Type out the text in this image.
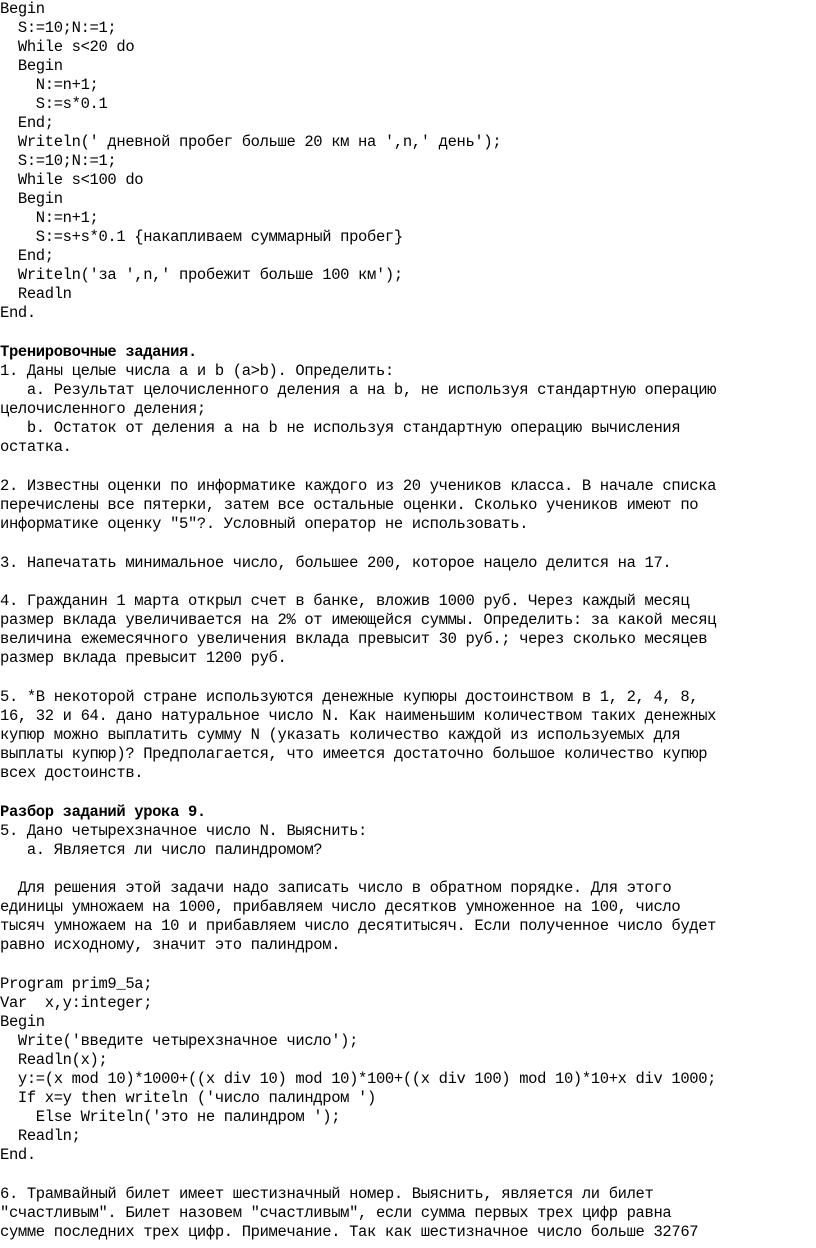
Begin
S:=10;N:=1;
While s<20 do
Begin
N:=n+1;
S:=s*0.1
End;
Writeln(' дневной пробег больше 20 км на ',n,' день');
S:=10;N:=1;
While s<100 do
Begin
N:=n+1;
S:=s+s*0.1 {накапливаем суммарный пробег}
End;
Writeln('за ',n,' пробежит больше 100 км');
Readln
End.
Тренировочные задания.
1. Даны целые числа a и b (a>b). Определить:
a. Результат целочисленного деления a на b, не используя стандартную операцию
целочисленного деления;
b. Остаток от деления a на b не используя стандартную операцию вычисления
остатка.
2. Известны оценки по информатике каждого из 20 учеников класса. В начале списка
перечислены все пятерки, затем все остальные оценки. Сколько учеников имеют по
информатике оценку "5"?. Условный оператор не использовать.
3. Напечатать минимальное число, большее 200, которое нацело делится на 17.
4. Гражданин 1 марта открыл счет в банке, вложив 1000 руб. Через каждый месяц
размер вклада увеличивается на 2% от имеющейся суммы. Определить: за какой месяц
величина ежемесячного увеличения вклада превысит 30 руб.; через сколько месяцев
размер вклада превысит 1200 руб.
5. *В некоторой стране используются денежные купюры достоинством в 1, 2, 4, 8,
16, 32 и 64. дано натуральное число N. Как наименьшим количеством таких денежных
купюр можно выплатить сумму N (указать количество каждой из используемых для
выплаты купюр)? Предполагается, что имеется достаточно большое количество купюр
всех достоинств.
Разбор заданий урока 9.
5. Дано четырехзначное число N. Выяснить:
a. Является ли число палиндромом?
Для решения этой задачи надо записать число в обратном порядке. Для этого
единицы умножаем на 1000, прибавляем число десятков умноженное на 100, число
тысяч умножаем на 10 и прибавляем число десятитысяч. Если полученное число будет
равно исходному, значит это палиндром.
Program prim9_5a;
Var  x,y:integer;
Begin
Write('введите четырехзначное число');
Readln(x);
y:=(x mod 10)*1000+((x div 10) mod 10)*100+((x div 100) mod 10)*10+x div 1000;
If x=y then writeln ('число палиндром ')
Else Writeln('это не палиндром ');
Readln;
End.
6. Трамвайный билет имеет шестизначный номер. Выяснить, является ли билет
"счастливым". Билет назовем "счастливым", если сумма первых трех цифр равна
сумме последних трех цифр. Примечание. Так как шестизначное число больше 32767
